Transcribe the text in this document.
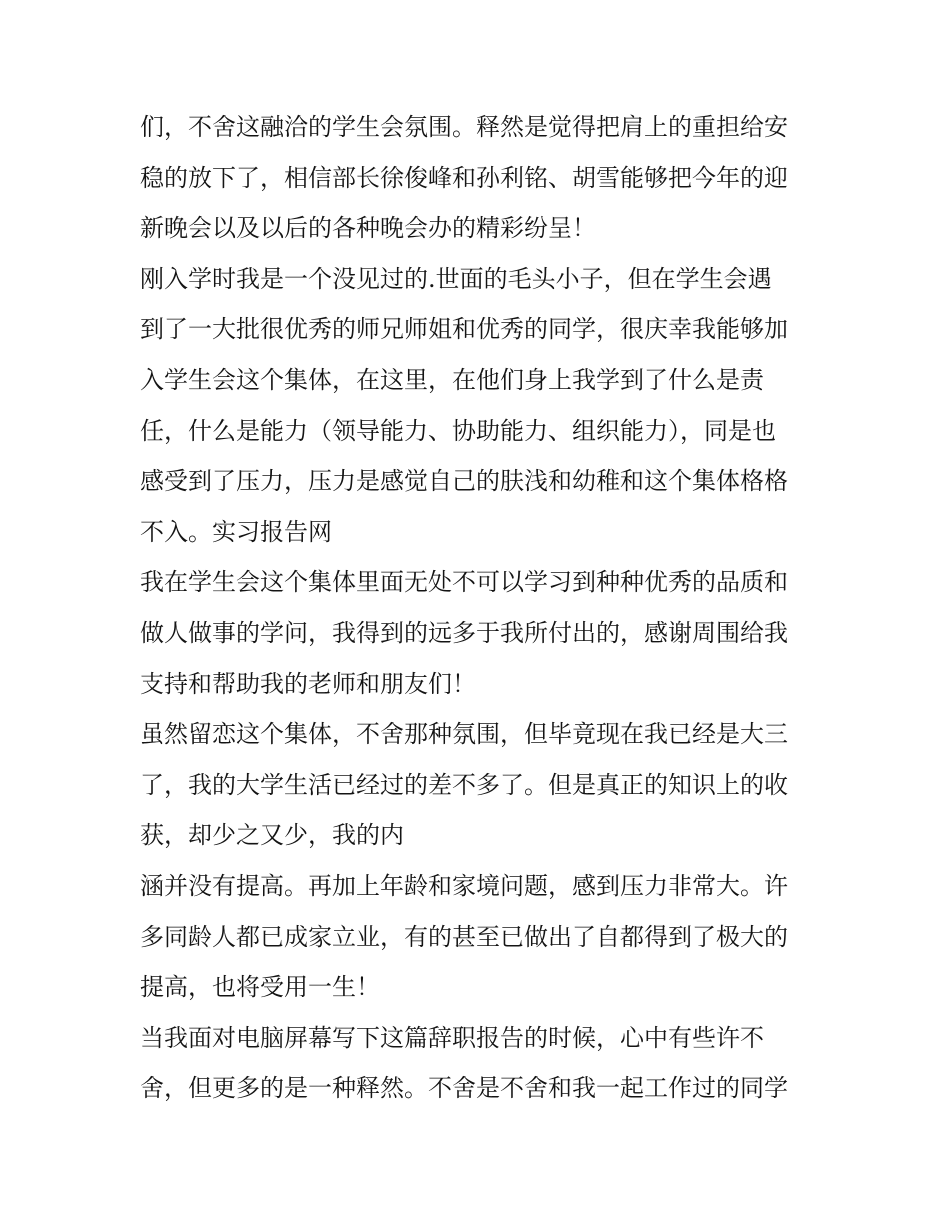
们，不舍这融洽的学生会氛围。释然是觉得把肩上的重担给安
稳的放下了，相信部长徐俊峰和孙利铭、胡雪能够把今年的迎
新晚会以及以后的各种晚会办的精彩纷呈！
刚入学时我是一个没见过的.世面的毛头小子，但在学生会遇
到了一大批很优秀的师兄师姐和优秀的同学，很庆幸我能够加
入学生会这个集体，在这里，在他们身上我学到了什么是责
任，什么是能力（领导能力、协助能力、组织能力），同是也
感受到了压力，压力是感觉自己的肤浅和幼稚和这个集体格格
不入。实习报告网
我在学生会这个集体里面无处不可以学习到种种优秀的品质和
做人做事的学问，我得到的远多于我所付出的，感谢周围给我
支持和帮助我的老师和朋友们！
虽然留恋这个集体，不舍那种氛围，但毕竟现在我已经是大三
了，我的大学生活已经过的差不多了。但是真正的知识上的收
获，却少之又少，我的内
涵并没有提高。再加上年龄和家境问题，感到压力非常大。许
多同龄人都已成家立业，有的甚至已做出了自都得到了极大的
提高，也将受用一生！
当我面对电脑屏幕写下这篇辞职报告的时候，心中有些许不
舍，但更多的是一种释然。不舍是不舍和我一起工作过的同学
